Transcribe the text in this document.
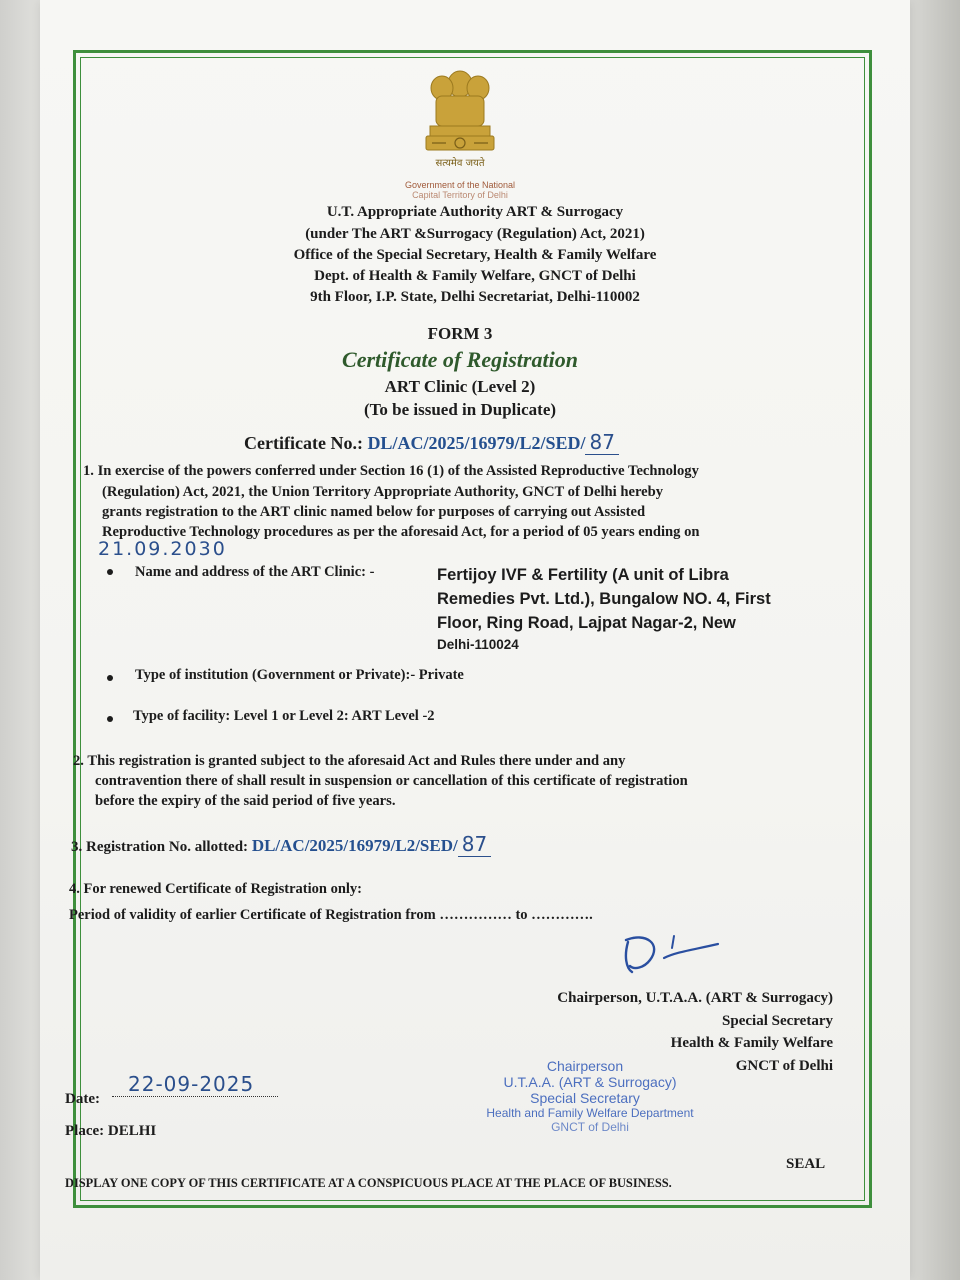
सत्यमेव जयते
Government of the National
Capital Territory of Delhi
U.T. Appropriate Authority ART & Surrogacy
(under The ART &Surrogacy (Regulation) Act, 2021)
Office of the Special Secretary, Health & Family Welfare
Dept. of Health & Family Welfare, GNCT of Delhi
9th Floor, I.P. State, Delhi Secretariat, Delhi-110002
FORM 3
Certificate of Registration
ART Clinic (Level 2)
(To be issued in Duplicate)
Certificate No.: DL/AC/2025/16979/L2/SED/ 87
1. In exercise of the powers conferred under Section 16 (1) of the Assisted Reproductive Technology
(Regulation) Act, 2021, the Union Territory Appropriate Authority, GNCT of Delhi hereby
grants registration to the ART clinic named below for purposes of carrying out Assisted
Reproductive Technology procedures as per the aforesaid Act, for a period of 05 years ending on
21.09.2030
Name and address of the ART Clinic: -	Fertijoy IVF & Fertility (A unit of Libra
Remedies Pvt. Ltd.), Bungalow NO. 4, First
Floor, Ring Road, Lajpat Nagar-2, New
Delhi-110024
Type of institution (Government or Private):- Private
Type of facility: Level 1 or Level 2: ART Level -2
2. This registration is granted subject to the aforesaid Act and Rules there under and any
contravention there of shall result in suspension or cancellation of this certificate of registration
before the expiry of the said period of five years.
3. Registration No. allotted: DL/AC/2025/16979/L2/SED/ 87
4. For renewed Certificate of Registration only:
Period of validity of earlier Certificate of Registration from …………… to ………….
Chairperson, U.T.A.A. (ART & Surrogacy)
Special Secretary
Health & Family Welfare
GNCT of Delhi
Chairperson
U.T.A.A. (ART & Surrogacy)
Special Secretary
Health and Family Welfare Department
GNCT of Delhi
Date:
22-09-2025
Place: DELHI
SEAL
DISPLAY ONE COPY OF THIS CERTIFICATE AT A CONSPICUOUS PLACE AT THE PLACE OF BUSINESS.
